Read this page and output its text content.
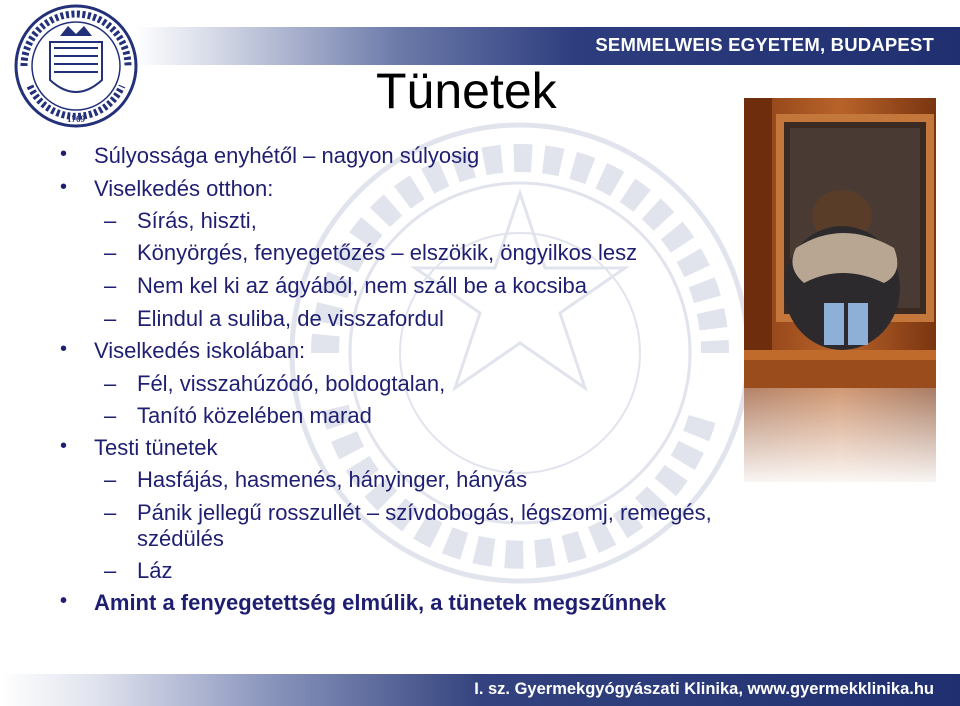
SEMMELWEIS EGYETEM, BUDAPEST
1769	Tünetek
• Súlyossága enyhétől – nagyon súlyosig
• Viselkedés otthon:
– Sírás, hiszti,
– Könyörgés, fenyegetőzés – elszökik, öngyilkos lesz
– Nem kel ki az ágyából, nem száll be a kocsiba
– Elindul a suliba, de visszafordul
• Viselkedés iskolában:
– Fél, visszahúzódó, boldogtalan,
– Tanító közelében marad
• Testi tünetek
– Hasfájás, hasmenés, hányinger, hányás
– Pánik jellegű rosszullét – szívdobogás, légszomj, remegés,
szédülés
– Láz
• Amint a fenyegetettség elmúlik, a tünetek megszűnnek
I. sz. Gyermekgyógyászati Klinika, www.gyermekklinika.hu
